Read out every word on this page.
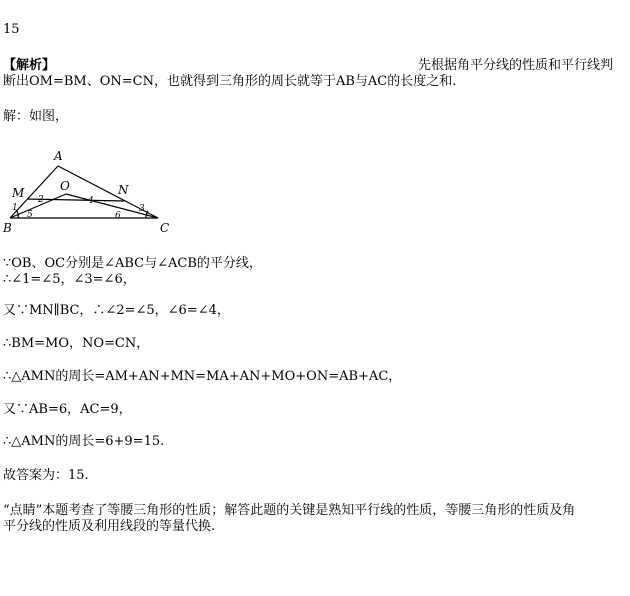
15
【解析】	先根据角平分线的性质和平行线判
断出OM=BM、ON=CN，也就得到三角形的周长就等于AB与AC的长度之和.
解：如图，
A
M	O	N
B	C
1
2	4
3
5	6
∵OB、OC分别是∠ABC与∠ACB的平分线，
∴∠1=∠5，∠3=∠6，
又∵MN∥BC，∴∠2=∠5，∠6=∠4，
∴BM=MO，NO=CN，
∴△AMN的周长=AM+AN+MN=MA+AN+MO+ON=AB+AC，
又∵AB=6，AC=9，
∴△AMN的周长=6+9=15.
故答案为：15.
“点睛”本题考查了等腰三角形的性质；解答此题的关键是熟知平行线的性质，等腰三角形的性质及角
平分线的性质及利用线段的等量代换.
